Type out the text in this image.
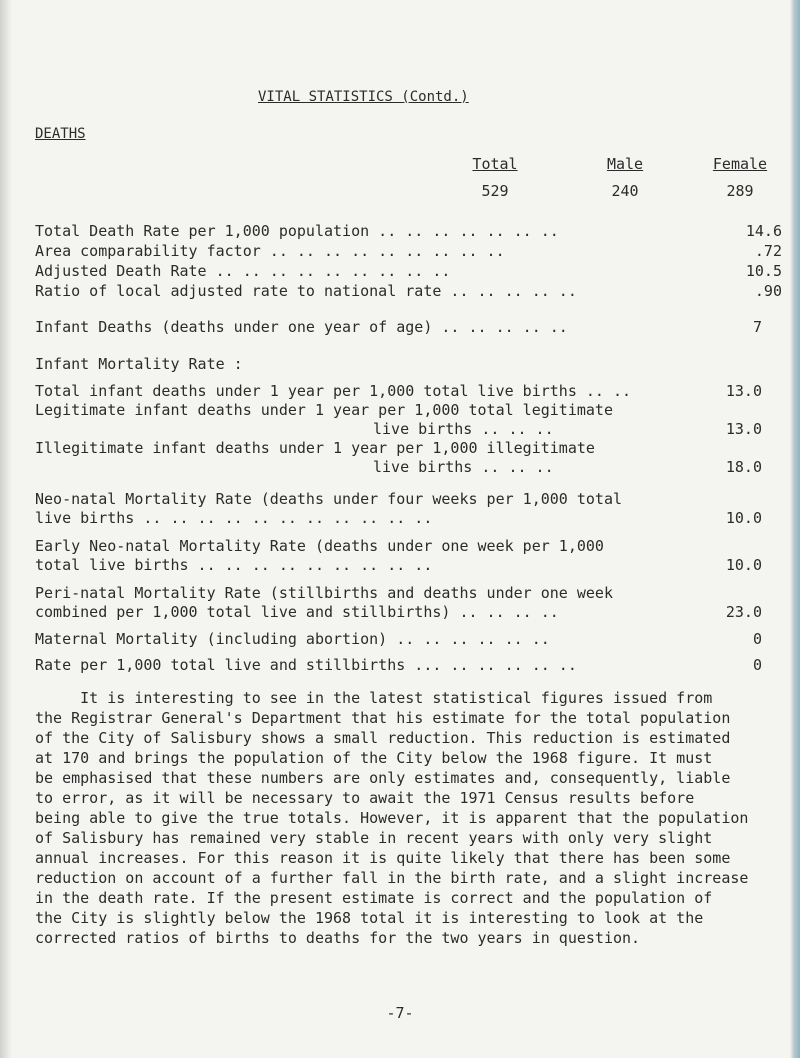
VITAL STATISTICS (Contd.)
DEATHS
Total	Male	Female
529	240	289
Total Death Rate per 1,000 population .. .. .. .. .. .. ..	14.6
Area comparability factor .. .. .. .. .. .. .. .. ..	.72
Adjusted Death Rate .. .. .. .. .. .. .. .. ..	10.5
Ratio of local adjusted rate to national rate .. .. .. .. ..	.90
Infant Deaths (deaths under one year of age) .. .. .. .. ..	7
Infant Mortality Rate :
Total infant deaths under 1 year per 1,000 total live births .. ..	13.0
Legitimate infant deaths under 1 year per 1,000 total legitimate
live births .. .. ..	13.0
Illegitimate infant deaths under 1 year per 1,000 illegitimate
live births .. .. ..	18.0
Neo-natal Mortality Rate (deaths under four weeks per 1,000 total
live births .. .. .. .. .. .. .. .. .. .. ..	10.0
Early Neo-natal Mortality Rate (deaths under one week per 1,000
total live births .. .. .. .. .. .. .. .. ..	10.0
Peri-natal Mortality Rate (stillbirths and deaths under one week
combined per 1,000 total live and stillbirths) .. .. .. ..	23.0
Maternal Mortality (including abortion) .. .. .. .. .. ..	0
Rate per 1,000 total live and stillbirths ... .. .. .. .. ..	0
It is interesting to see in the latest statistical figures issued from
the Registrar General's Department that his estimate for the total population
of the City of Salisbury shows a small reduction. This reduction is estimated
at 170 and brings the population of the City below the 1968 figure. It must
be emphasised that these numbers are only estimates and, consequently, liable
to error, as it will be necessary to await the 1971 Census results before
being able to give the true totals. However, it is apparent that the population
of Salisbury has remained very stable in recent years with only very slight
annual increases. For this reason it is quite likely that there has been some
reduction on account of a further fall in the birth rate, and a slight increase
in the death rate. If the present estimate is correct and the population of
the City is slightly below the 1968 total it is interesting to look at the
corrected ratios of births to deaths for the two years in question.
-7-
